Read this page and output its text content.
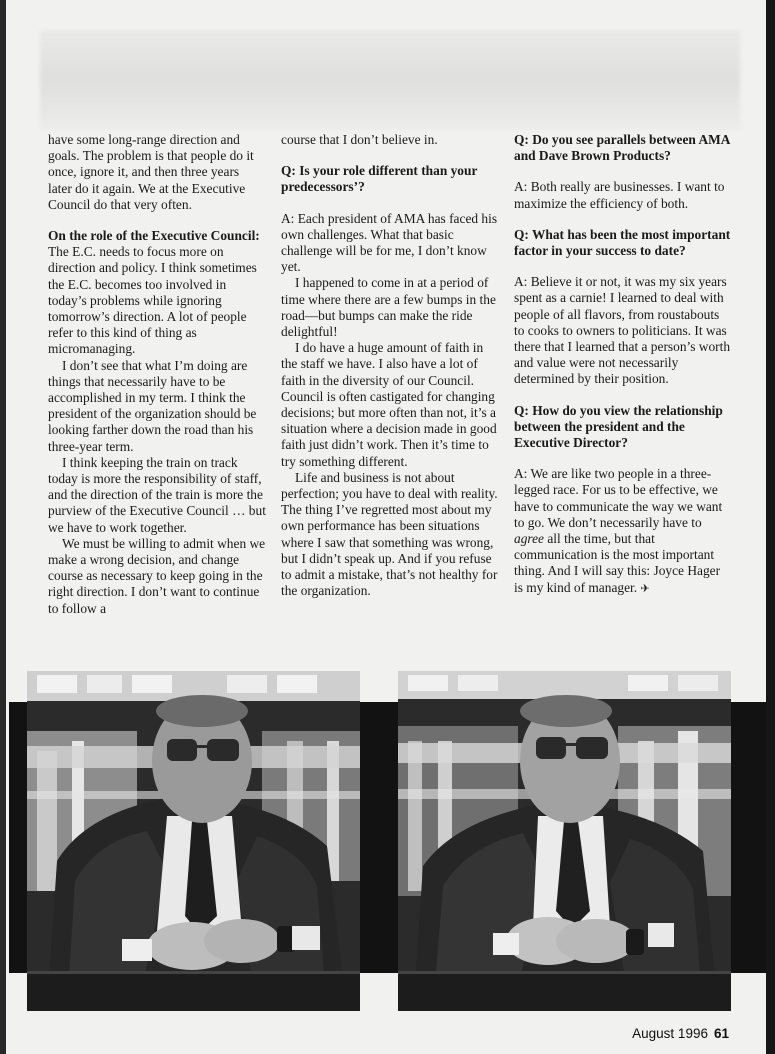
have some long-range direction and goals. The problem is that people do it once, ignore it, and then three years later do it again. We at the Executive Council do that very often.

On the role of the Executive Council: The E.C. needs to focus more on direction and policy. I think sometimes the E.C. becomes too involved in today’s problems while ignoring tomorrow’s direction. A lot of people refer to this kind of thing as micromanaging.

I don’t see that what I’m doing are things that necessarily have to be accomplished in my term. I think the president of the organization should be looking farther down the road than his three-year term.

I think keeping the train on track today is more the responsibility of staff, and the direction of the train is more the purview of the Executive Council … but we have to work together.

We must be willing to admit when we make a wrong decision, and change course as necessary to keep going in the right direction. I don’t want to continue to follow a

course that I don’t believe in.

Q: Is your role different than your predecessors’?

A: Each president of AMA has faced his own challenges. What that basic challenge will be for me, I don’t know yet.

I happened to come in at a period of time where there are a few bumps in the road—but bumps can make the ride delightful!

I do have a huge amount of faith in the staff we have. I also have a lot of faith in the diversity of our Council. Council is often castigated for changing decisions; but more often than not, it’s a situation where a decision made in good faith just didn’t work. Then it’s time to try something different.

Life and business is not about perfection; you have to deal with reality. The thing I’ve regretted most about my own performance has been situations where I saw that something was wrong, but I didn’t speak up. And if you refuse to admit a mistake, that’s not healthy for the organization.

Q: Do you see parallels between AMA and Dave Brown Products?

A: Both really are businesses. I want to maximize the efficiency of both.

Q: What has been the most important factor in your success to date?

A: Believe it or not, it was my six years spent as a carnie! I learned to deal with people of all flavors, from roustabouts to cooks to owners to politicians. It was there that I learned that a person’s worth and value were not necessarily determined by their position.

Q: How do you view the relationship between the president and the Executive Director?

A: We are like two people in a three-legged race. For us to be effective, we have to communicate the way we want to go. We don’t necessarily have to agree all the time, but that communication is the most important thing. And I will say this: Joyce Hager is my kind of manager. ✈

August 1996 61
